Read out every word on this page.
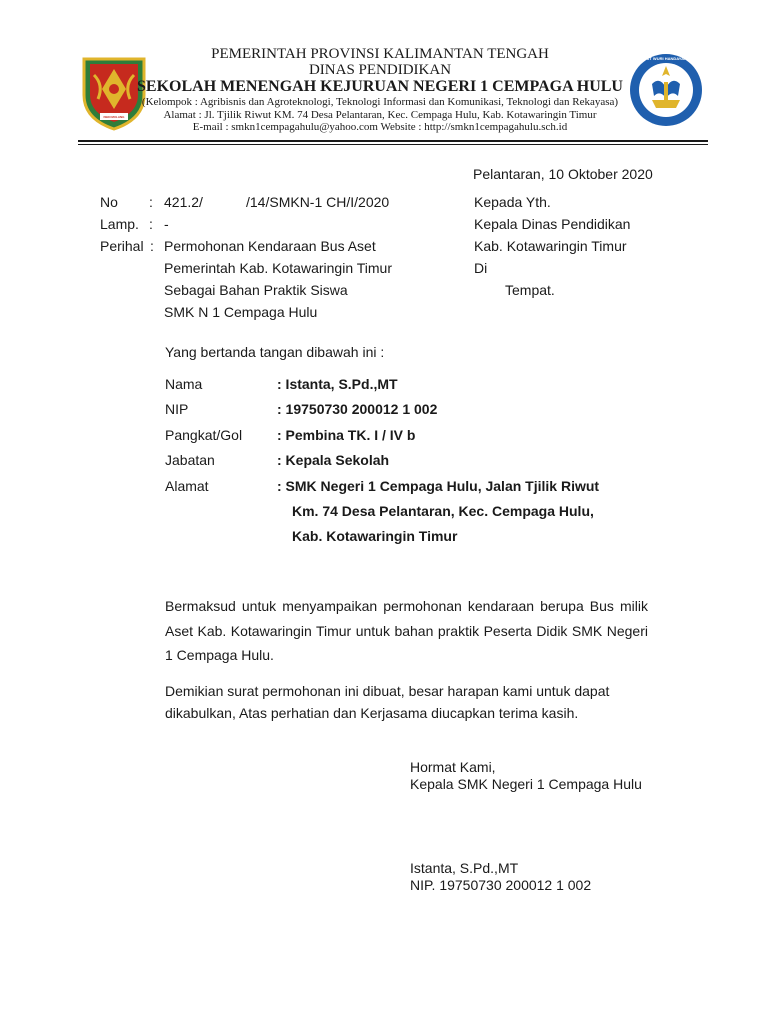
ISEN MULANG
TUT WURI HANDAYANI
PEMERINTAH PROVINSI KALIMANTAN TENGAH
DINAS PENDIDIKAN
SEKOLAH MENENGAH KEJURUAN NEGERI 1 CEMPAGA HULU
(Kelompok : Agribisnis dan Agroteknologi, Teknologi Informasi dan Komunikasi, Teknologi dan Rekayasa)
Alamat : Jl. Tjilik Riwut KM. 74 Desa Pelantaran, Kec. Cempaga Hulu, Kab. Kotawaringin Timur
E-mail : smkn1cempagahulu@yahoo.com Website : http://smkn1cempagahulu.sch.id
Pelantaran, 10 Oktober 2020
No : 421.2/	/14/SMKN-1 CH/I/2020
Lamp. : -
Perihal : Permohonan Kendaraan Bus Aset
Pemerintah Kab. Kotawaringin Timur
Sebagai Bahan Praktik Siswa
SMK N 1 Cempaga Hulu
Kepada Yth.
Kepala Dinas Pendidikan
Kab. Kotawaringin Timur
Di
Tempat.
Yang bertanda tangan dibawah ini :
Nama	: Istanta, S.Pd.,MT
NIP	: 19750730 200012 1 002
Pangkat/Gol : Pembina TK. I / IV b
Jabatan	: Kepala Sekolah
Alamat	: SMK Negeri 1 Cempaga Hulu, Jalan Tjilik Riwut
Km. 74 Desa Pelantaran, Kec. Cempaga Hulu,
Kab. Kotawaringin Timur
Bermaksud untuk menyampaikan permohonan kendaraan berupa Bus milik Aset Kab. Kotawaringin Timur untuk bahan praktik Peserta Didik SMK Negeri 1 Cempaga Hulu.
Demikian surat permohonan ini dibuat, besar harapan kami untuk dapat
dikabulkan, Atas perhatian dan Kerjasama diucapkan terima kasih.
Hormat Kami,
Kepala SMK Negeri 1 Cempaga Hulu
Istanta, S.Pd.,MT
NIP. 19750730 200012 1 002
